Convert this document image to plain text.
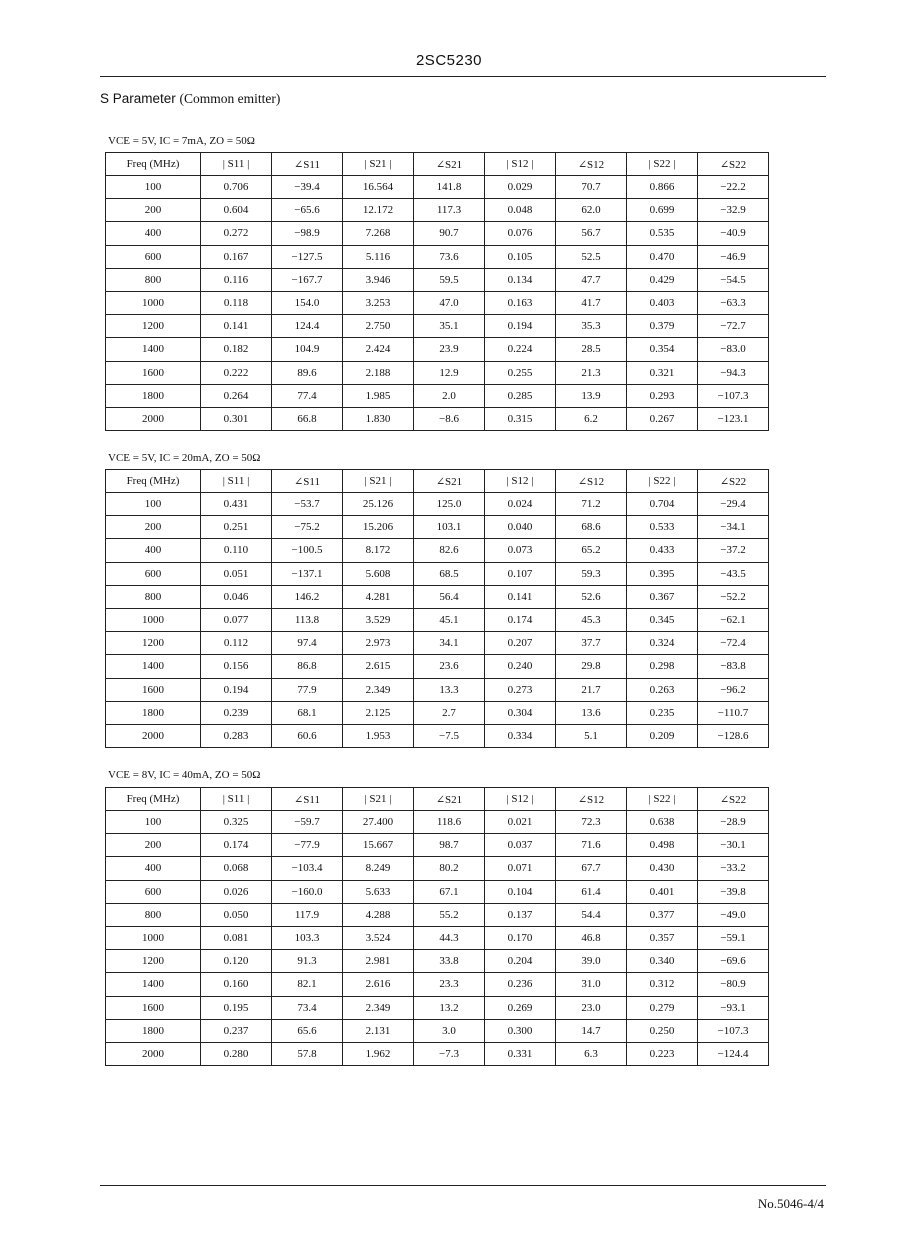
2SC5230
S Parameter (Common emitter)
VCE = 5V, IC = 7mA, ZO = 50Ω
Freq (MHz)	| S11 |	∠S11	| S21 |	∠S21	| S12 |	∠S12	| S22 |	∠S22
100	0.706	−39.4	16.564	141.8	0.029	70.7	0.866	−22.2
200	0.604	−65.6	12.172	117.3	0.048	62.0	0.699	−32.9
400	0.272	−98.9	7.268	90.7	0.076	56.7	0.535	−40.9
600	0.167	−127.5	5.116	73.6	0.105	52.5	0.470	−46.9
800	0.116	−167.7	3.946	59.5	0.134	47.7	0.429	−54.5
1000	0.118	154.0	3.253	47.0	0.163	41.7	0.403	−63.3
1200	0.141	124.4	2.750	35.1	0.194	35.3	0.379	−72.7
1400	0.182	104.9	2.424	23.9	0.224	28.5	0.354	−83.0
1600	0.222	89.6	2.188	12.9	0.255	21.3	0.321	−94.3
1800	0.264	77.4	1.985	2.0	0.285	13.9	0.293	−107.3
2000	0.301	66.8	1.830	−8.6	0.315	6.2	0.267	−123.1
VCE = 5V, IC = 20mA, ZO = 50Ω
Freq (MHz)	| S11 |	∠S11	| S21 |	∠S21	| S12 |	∠S12	| S22 |	∠S22
100	0.431	−53.7	25.126	125.0	0.024	71.2	0.704	−29.4
200	0.251	−75.2	15.206	103.1	0.040	68.6	0.533	−34.1
400	0.110	−100.5	8.172	82.6	0.073	65.2	0.433	−37.2
600	0.051	−137.1	5.608	68.5	0.107	59.3	0.395	−43.5
800	0.046	146.2	4.281	56.4	0.141	52.6	0.367	−52.2
1000	0.077	113.8	3.529	45.1	0.174	45.3	0.345	−62.1
1200	0.112	97.4	2.973	34.1	0.207	37.7	0.324	−72.4
1400	0.156	86.8	2.615	23.6	0.240	29.8	0.298	−83.8
1600	0.194	77.9	2.349	13.3	0.273	21.7	0.263	−96.2
1800	0.239	68.1	2.125	2.7	0.304	13.6	0.235	−110.7
2000	0.283	60.6	1.953	−7.5	0.334	5.1	0.209	−128.6
VCE = 8V, IC = 40mA, ZO = 50Ω
Freq (MHz)	| S11 |	∠S11	| S21 |	∠S21	| S12 |	∠S12	| S22 |	∠S22
100	0.325	−59.7	27.400	118.6	0.021	72.3	0.638	−28.9
200	0.174	−77.9	15.667	98.7	0.037	71.6	0.498	−30.1
400	0.068	−103.4	8.249	80.2	0.071	67.7	0.430	−33.2
600	0.026	−160.0	5.633	67.1	0.104	61.4	0.401	−39.8
800	0.050	117.9	4.288	55.2	0.137	54.4	0.377	−49.0
1000	0.081	103.3	3.524	44.3	0.170	46.8	0.357	−59.1
1200	0.120	91.3	2.981	33.8	0.204	39.0	0.340	−69.6
1400	0.160	82.1	2.616	23.3	0.236	31.0	0.312	−80.9
1600	0.195	73.4	2.349	13.2	0.269	23.0	0.279	−93.1
1800	0.237	65.6	2.131	3.0	0.300	14.7	0.250	−107.3
2000	0.280	57.8	1.962	−7.3	0.331	6.3	0.223	−124.4
No.5046-4/4
